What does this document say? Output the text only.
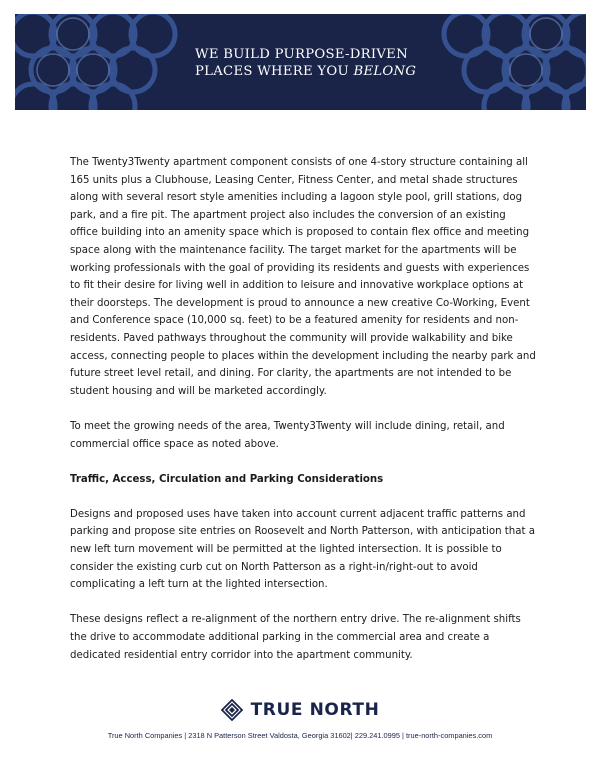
WE BUILD PURPOSE-DRIVEN
PLACES WHERE YOU BELONG

The Twenty3Twenty apartment component consists of one 4-story structure containing all 165 units plus a Clubhouse, Leasing Center, Fitness Center, and metal shade structures along with several resort style amenities including a lagoon style pool, grill stations, dog park, and a fire pit. The apartment project also includes the conversion of an existing office building into an amenity space which is proposed to contain flex office and meeting space along with the maintenance facility. The target market for the apartments will be working professionals with the goal of providing its residents and guests with experiences to fit their desire for living well in addition to leisure and innovative workplace options at their doorsteps. The development is proud to announce a new creative Co-Working, Event and Conference space (10,000 sq. feet) to be a featured amenity for residents and non-residents. Paved pathways throughout the community will provide walkability and bike access, connecting people to places within the development including the nearby park and future street level retail, and dining. For clarity, the apartments are not intended to be student housing and will be marketed accordingly.

To meet the growing needs of the area, Twenty3Twenty will include dining, retail, and commercial office space as noted above.

Traffic, Access, Circulation and Parking Considerations

Designs and proposed uses have taken into account current adjacent traffic patterns and parking and propose site entries on Roosevelt and North Patterson, with anticipation that a new left turn movement will be permitted at the lighted intersection. It is possible to consider the existing curb cut on North Patterson as a right-in/right-out to avoid complicating a left turn at the lighted intersection.

These designs reflect a re-alignment of the northern entry drive. The re-alignment shifts the drive to accommodate additional parking in the commercial area and create a dedicated residential entry corridor into the apartment community.

TRUE NORTH
True North Companies | 2318 N Patterson Street Valdosta, Georgia 31602| 229.241.0995 | true-north-companies.com
